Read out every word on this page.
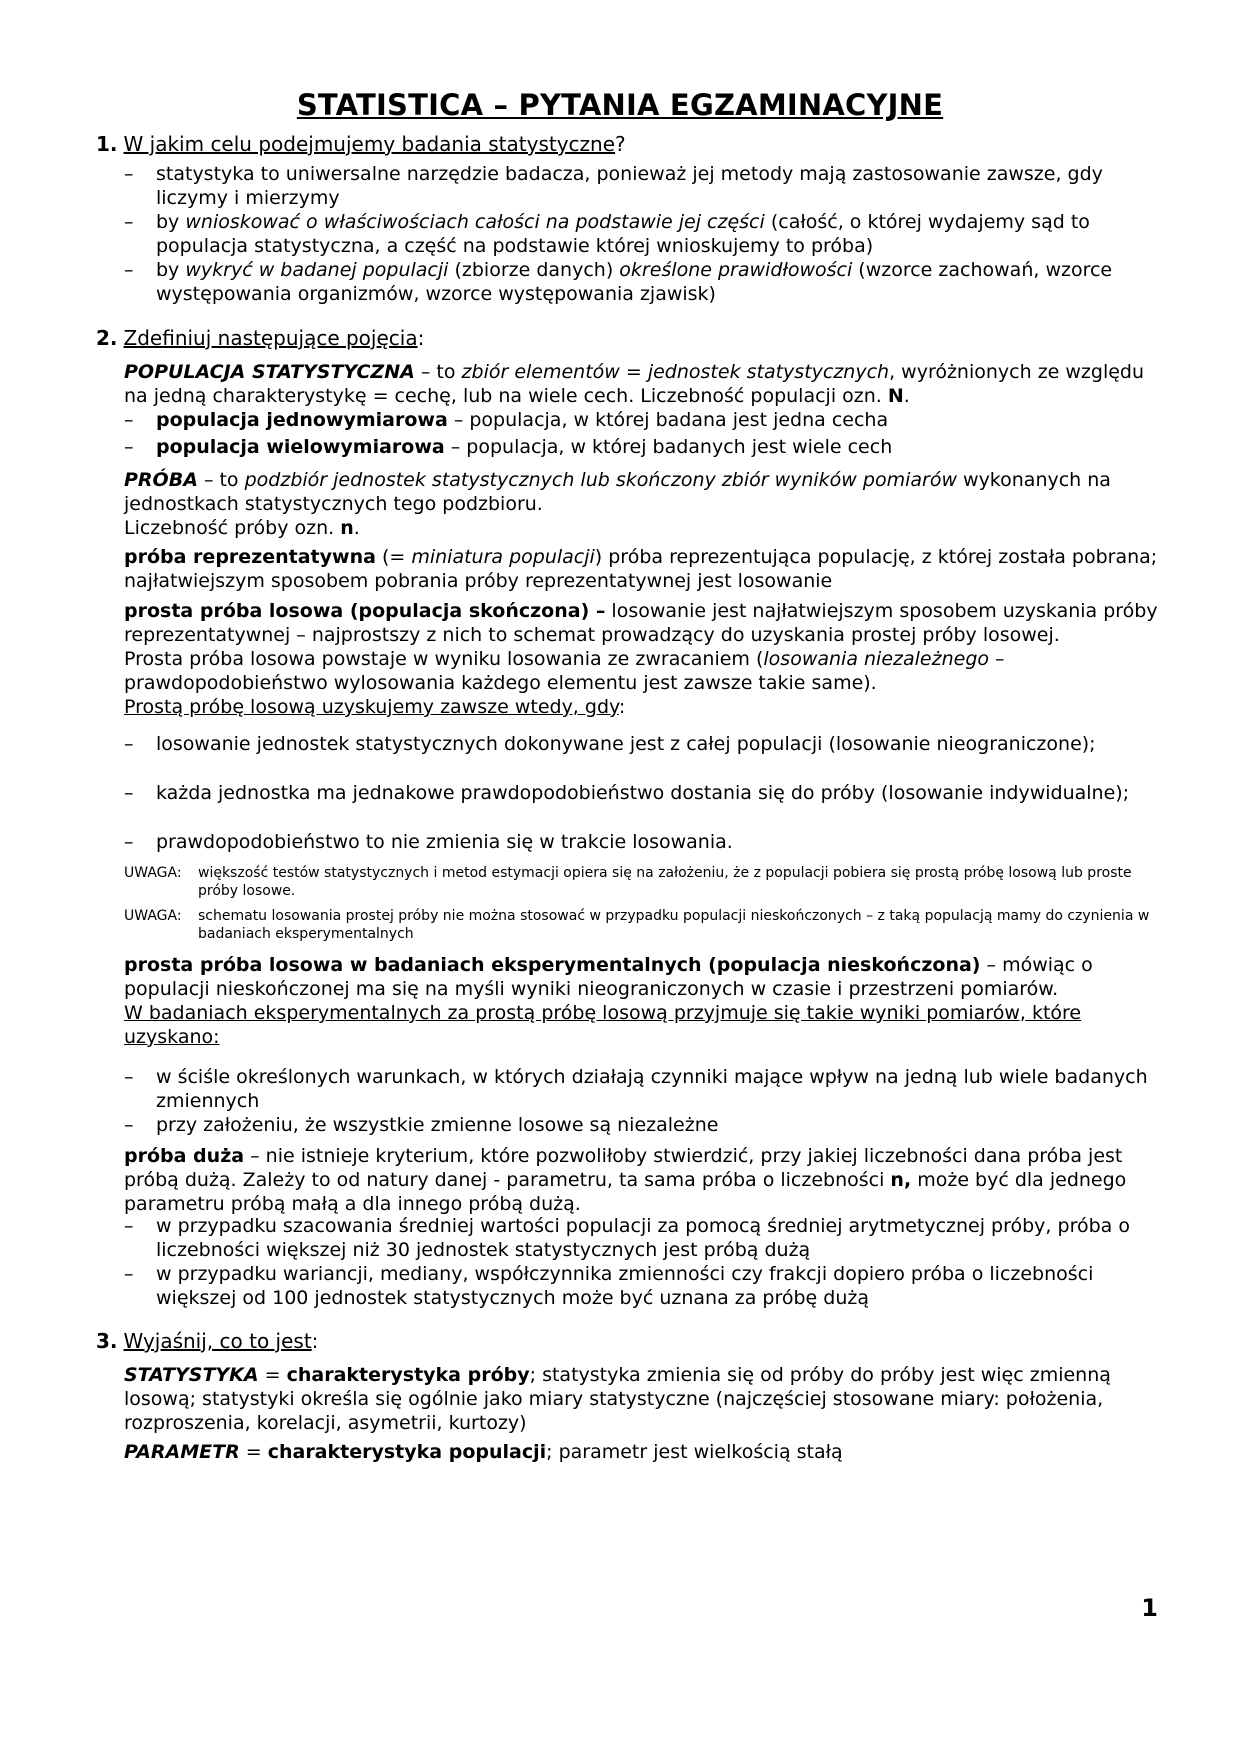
STATISTICA – PYTANIA EGZAMINACYJNE
1. W jakim celu podejmujemy badania statystyczne?
– statystyka to uniwersalne narzędzie badacza, ponieważ jej metody mają zastosowanie zawsze, gdy liczymy i mierzymy
– by wnioskować o właściwościach całości na podstawie jej części (całość, o której wydajemy sąd to populacja statystyczna, a część na podstawie której wnioskujemy to próba)
– by wykryć w badanej populacji (zbiorze danych) określone prawidłowości (wzorce zachowań, wzorce występowania organizmów, wzorce występowania zjawisk)
2. Zdefiniuj następujące pojęcia:

POPULACJA STATYSTYCZNA – to zbiór elementów = jednostek statystycznych, wyróżnionych ze względu na jedną charakterystykę = cechę, lub na wiele cech. Liczebność populacji ozn. N.

– populacja jednowymiarowa – populacja, w której badana jest jedna cecha
– populacja wielowymiarowa – populacja, w której badanych jest wiele cech

PRÓBA – to podzbiór jednostek statystycznych lub skończony zbiór wyników pomiarów wykonanych na jednostkach statystycznych tego podzbioru.

Liczebność próby ozn. n.

próba reprezentatywna (= miniatura populacji) próba reprezentująca populację, z której została pobrana; najłatwiejszym sposobem pobrania próby reprezentatywnej jest losowanie

prosta próba losowa (populacja skończona) – losowanie jest najłatwiejszym sposobem uzyskania próby reprezentatywnej – najprostszy z nich to schemat prowadzący do uzyskania prostej próby losowej.

Prosta próba losowa powstaje w wyniku losowania ze zwracaniem (losowania niezależnego – prawdopodobieństwo wylosowania każdego elementu jest zawsze takie same).

Prostą próbę losową uzyskujemy zawsze wtedy, gdy:

– losowanie jednostek statystycznych dokonywane jest z całej populacji (losowanie nieograniczone);
– każda jednostka ma jednakowe prawdopodobieństwo dostania się do próby (losowanie indywidualne);
– prawdopodobieństwo to nie zmienia się w trakcie losowania.
UWAGA:	większość testów statystycznych i metod estymacji opiera się na założeniu, że z populacji pobiera się prostą próbę losową lub proste próby losowe.
UWAGA:	schematu losowania prostej próby nie można stosować w przypadku populacji nieskończonych – z taką populacją mamy do czynienia w badaniach eksperymentalnych

prosta próba losowa w badaniach eksperymentalnych (populacja nieskończona) – mówiąc o populacji nieskończonej ma się na myśli wyniki nieograniczonych w czasie i przestrzeni pomiarów.

W badaniach eksperymentalnych za prostą próbę losową przyjmuje się takie wyniki pomiarów, które uzyskano:

– w ściśle określonych warunkach, w których działają czynniki mające wpływ na jedną lub wiele badanych zmiennych
– przy założeniu, że wszystkie zmienne losowe są niezależne

próba duża – nie istnieje kryterium, które pozwoliłoby stwierdzić, przy jakiej liczebności dana próba jest próbą dużą. Zależy to od natury danej - parametru, ta sama próba o liczebności n, może być dla jednego parametru próbą małą a dla innego próbą dużą.

– w przypadku szacowania średniej wartości populacji za pomocą średniej arytmetycznej próby, próba o liczebności większej niż 30 jednostek statystycznych jest próbą dużą
– w przypadku wariancji, mediany, współczynnika zmienności czy frakcji dopiero próba o liczebności większej od 100 jednostek statystycznych może być uznana za próbę dużą
3. Wyjaśnij, co to jest:

STATYSTYKA = charakterystyka próby; statystyka zmienia się od próby do próby jest więc zmienną losową; statystyki określa się ogólnie jako miary statystyczne (najczęściej stosowane miary: położenia, rozproszenia, korelacji, asymetrii, kurtozy)

PARAMETR = charakterystyka populacji; parametr jest wielkością stałą

1
